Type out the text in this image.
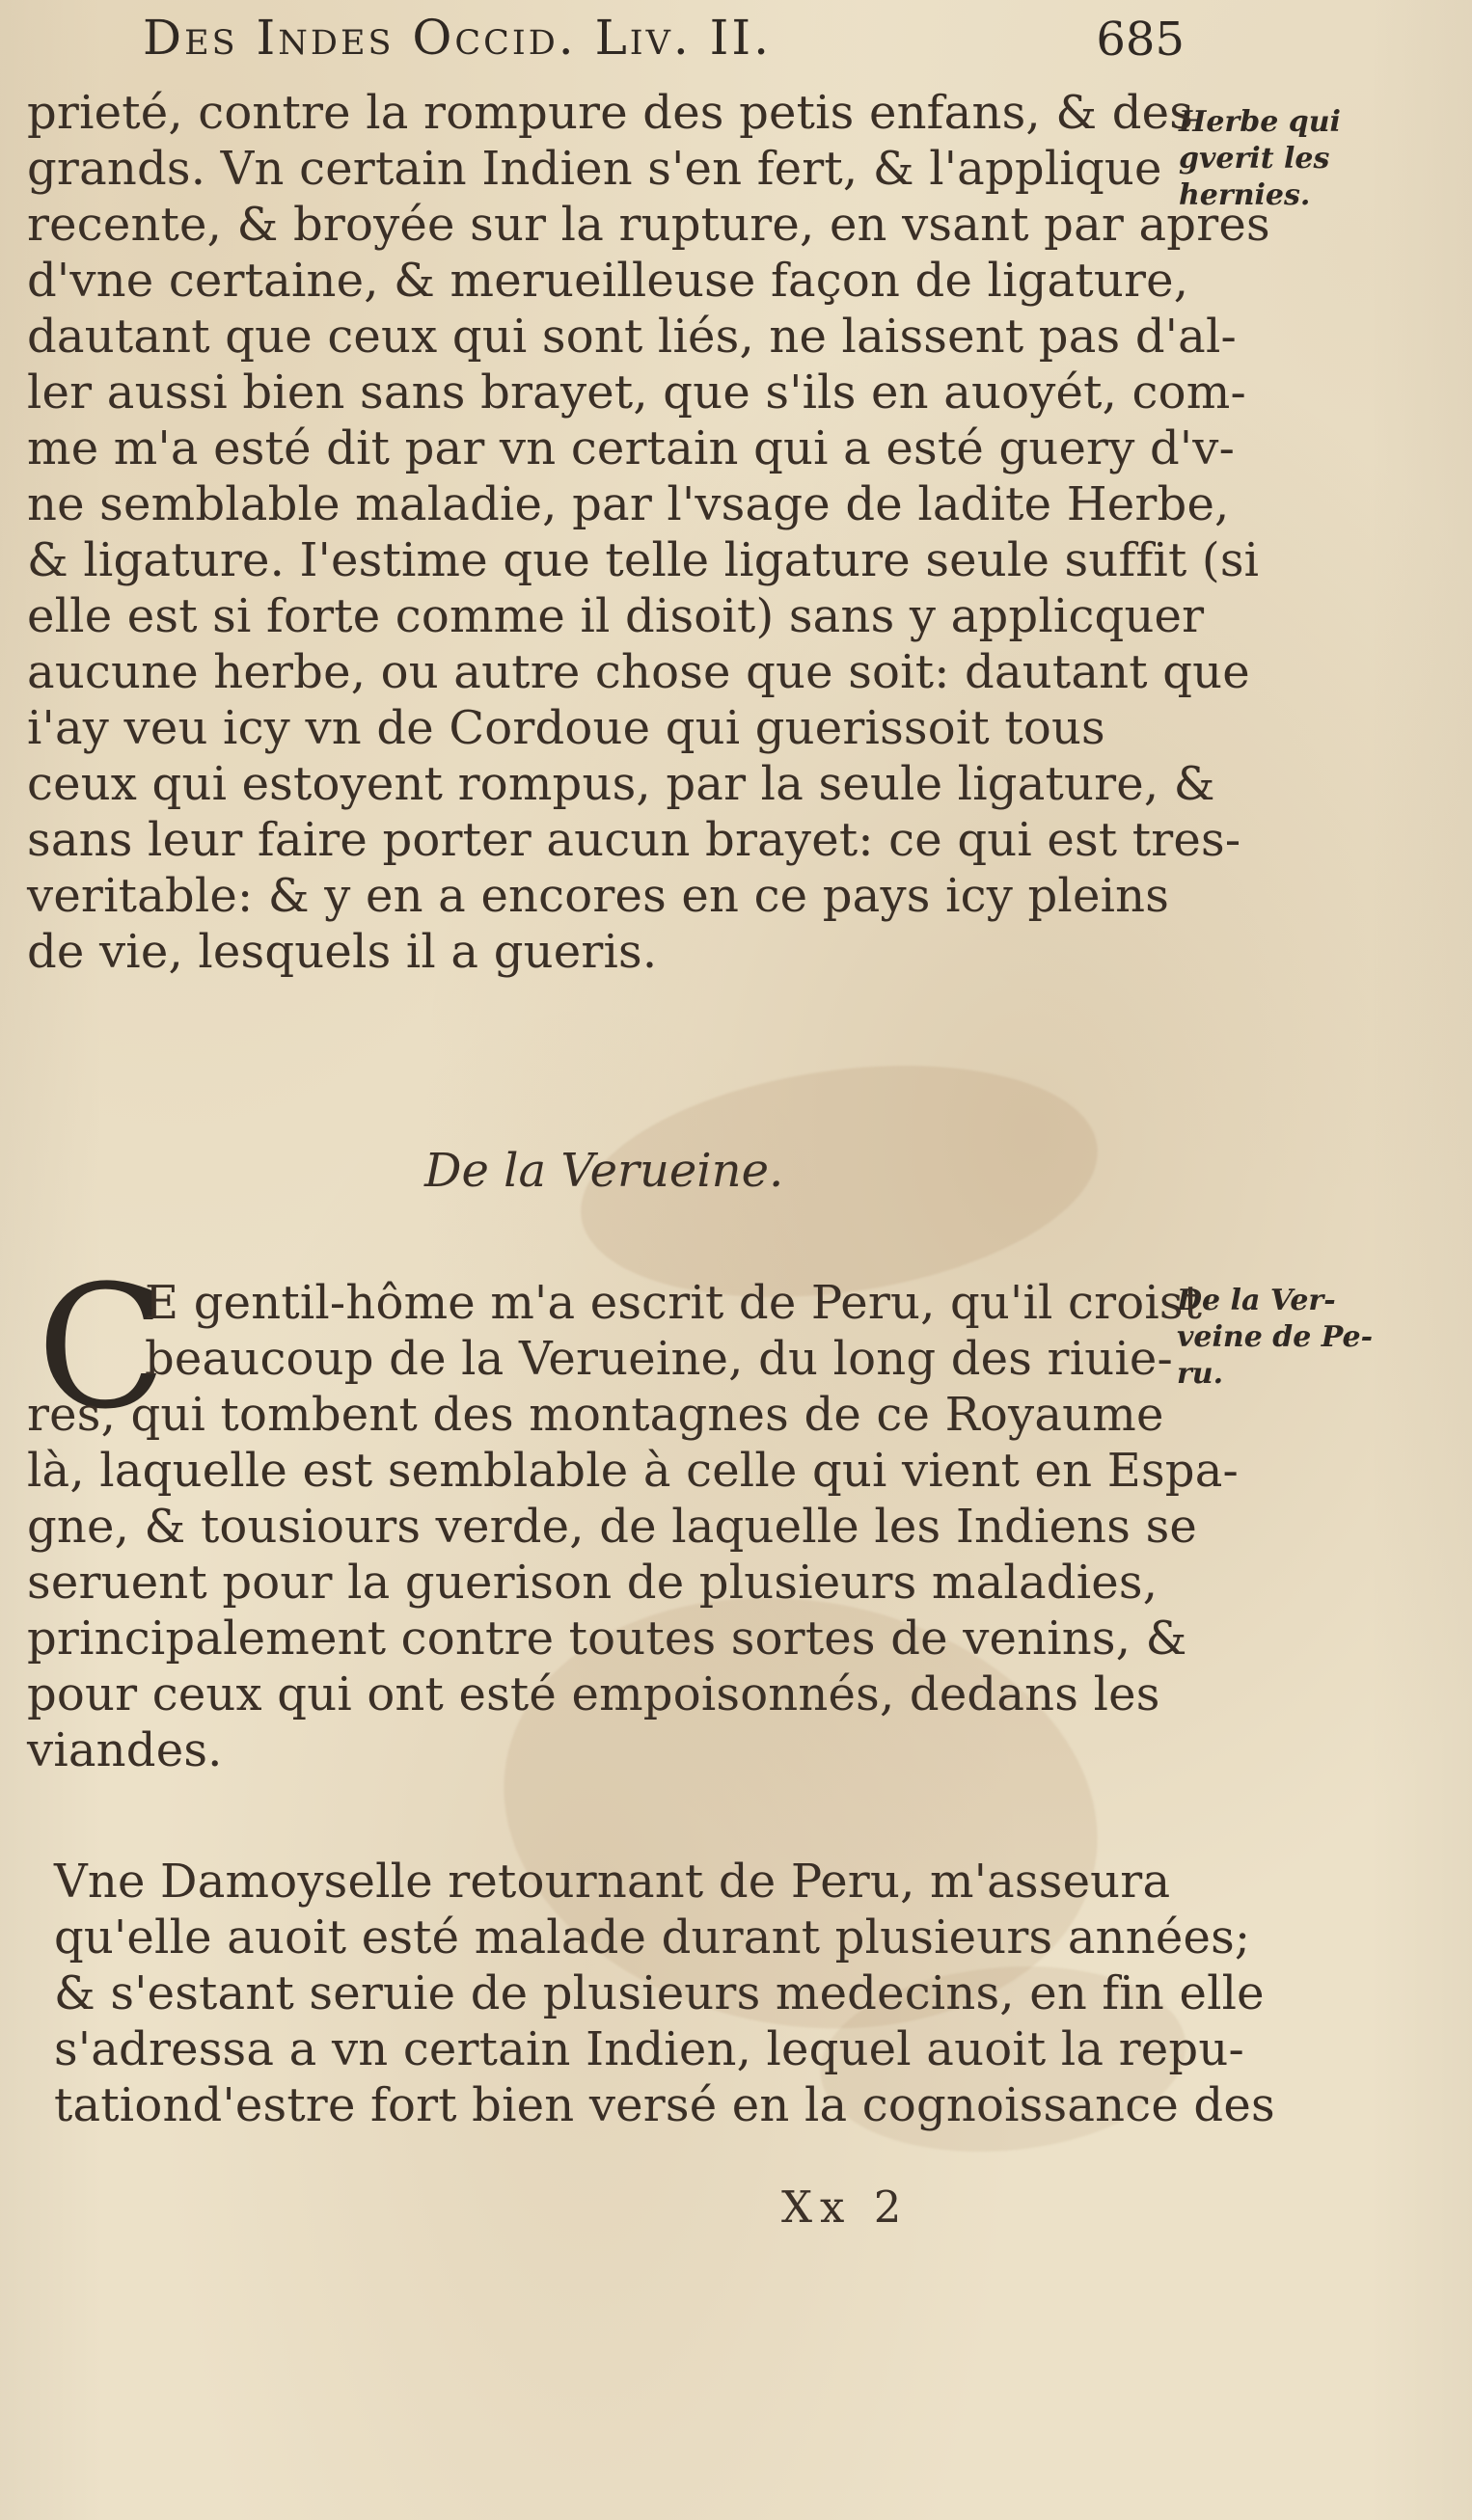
Des Indes Occid. Liv. II.	685
Herbe qui
gverit les
hernies.
De la Ver-
veine de Pe-
ru.
prieté, contre la rompure des petis enfans, & des
grands. Vn certain Indien s'en fert, & l'applique
recente, & broyée sur la rupture, en vsant par apres
d'vne certaine, & merueilleuse façon de ligature,
dautant que ceux qui sont liés, ne laissent pas d'al-
ler aussi bien sans brayet, que s'ils en auoyét, com-
me m'a esté dit par vn certain qui a esté guery d'v-
ne semblable maladie, par l'vsage de ladite Herbe,
& ligature. I'estime que telle ligature seule suffit (si
elle est si forte comme il disoit) sans y applicquer
aucune herbe, ou autre chose que soit: dautant que
i'ay veu icy vn de Cordoue qui guerissoit tous
ceux qui estoyent rompus, par la seule ligature, &
sans leur faire porter aucun brayet: ce qui est tres-
veritable: & y en a encores en ce pays icy pleins
de vie, lesquels il a gueris.
De la Verueine.
C
E gentil-hôme m'a escrit de Peru, qu'il croist
beaucoup de la Verueine, du long des riuie-
res, qui tombent des montagnes de ce Royaume
là, laquelle est semblable à celle qui vient en Espa-
gne, & tousiours verde, de laquelle les Indiens se
seruent pour la guerison de plusieurs maladies,
principalement contre toutes sortes de venins, &
pour ceux qui ont esté empoisonnés, dedans les
viandes.
Vne Damoyselle retournant de Peru, m'asseura
qu'elle auoit esté malade durant plusieurs années;
& s'estant seruie de plusieurs medecins, en fin elle
s'adressa a vn certain Indien, lequel auoit la repu-
tationd'estre fort bien versé en la cognoissance des
Xx 2
